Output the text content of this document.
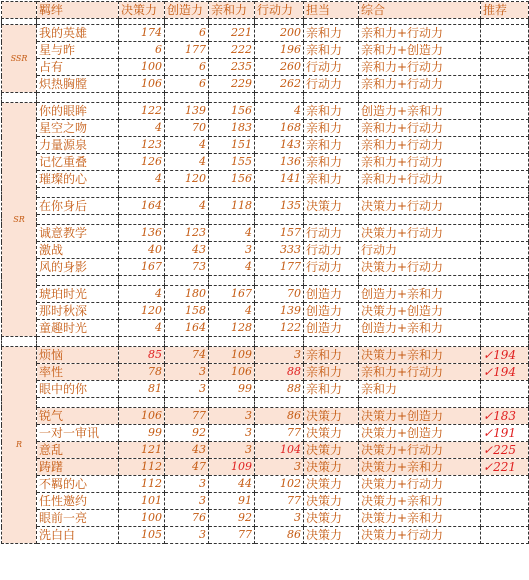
	羁绊	决策力	创造力	亲和力	行动力	担当	综合	推荐

SSR	我的英雄	174	6	221	200	亲和力	亲和力+行动力	
	星与昨	6	177	222	196	亲和力	亲和力+创造力	
	占有	100	6	235	260	行动力	亲和力+行动力	
	炽热胸膛	106	6	229	262	行动力	亲和力+行动力	

SR	你的眼眸	122	139	156	4	亲和力	创造力+亲和力	
	星空之吻	4	70	183	168	亲和力	亲和力+行动力	
	力量源泉	123	4	151	143	亲和力	亲和力+行动力	
	记忆重叠	126	4	155	136	亲和力	亲和力+行动力	
	璀璨的心	4	120	156	141	亲和力	亲和力+行动力	

	在你身后	164	4	118	135	决策力	决策力+行动力	

	诚意教学	136	123	4	157	行动力	决策力+行动力	
	激战	40	43	3	333	行动力	行动力	
	风的身影	167	73	4	177	行动力	决策力+行动力	

	琥珀时光	4	180	167	70	创造力	创造力+亲和力	
	那时秋深	120	158	4	139	创造力	决策力+创造力	
	童趣时光	4	164	128	122	创造力	创造力+亲和力	

R	烦恼	85	74	109	3	亲和力	决策力+亲和力	✓194
	率性	78	3	106	88	亲和力	亲和力+行动力	✓194
	眼中的你	81	3	99	88	亲和力	亲和力	

	锐气	106	77	3	86	决策力	决策力+创造力	✓183
	一对一审讯	99	92	3	77	决策力	决策力+创造力	✓191
	意乱	121	43	3	104	决策力	决策力+行动力	✓225
	踌躇	112	47	109	3	决策力	决策力+亲和力	✓221
	不羁的心	112	3	44	102	决策力	决策力+行动力	
	任性邀约	101	3	91	77	决策力	决策力+亲和力	
	眼前一亮	100	76	92	3	决策力	决策力+亲和力	
	洗白白	105	3	77	86	决策力	决策力+行动力	
